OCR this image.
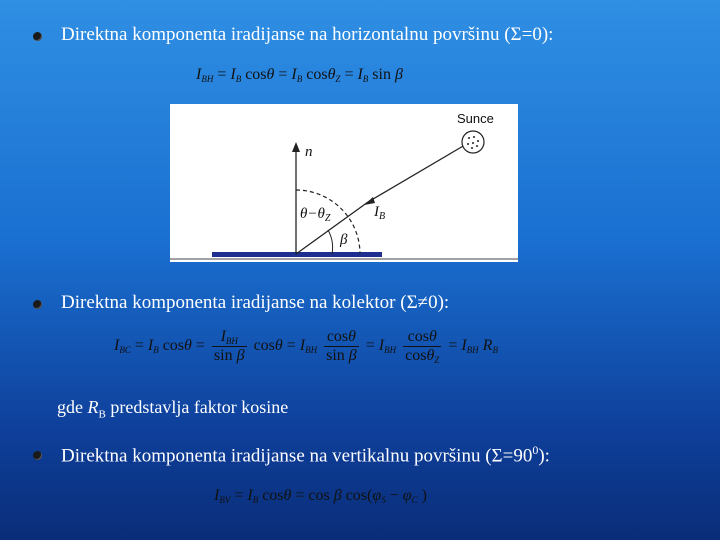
Direktna komponenta iradijanse na horizontalnu površinu (Σ=0):
$I_{BH} = I_B$ $\cos\theta = I_B$ $\cos\theta_Z = I_B$ sin β
Sunce
n
$\theta-\theta_Z$	$I_B$
β
Direktna komponenta iradijanse na kolektor (Σ≠0):
$I_{BC} = I_B$ $\cos\theta = \frac{I_{BH}}{\text{sin β}}$ $\cos\theta = I_{BH} \frac{\cos\theta}{\text{sin β}} = I_{BH} \frac{\cos\theta}{\cos\theta_Z} = I_{BH}$ $R_B$
gde $R_B$ predstavlja faktor kosine
Direktna komponenta iradijanse na vertikalnu površinu $(\Sigma=90^0)$:
$I_{BV} = I_B$ cosθ = cos β $\cos(\varphi_S - \varphi_C$ )
